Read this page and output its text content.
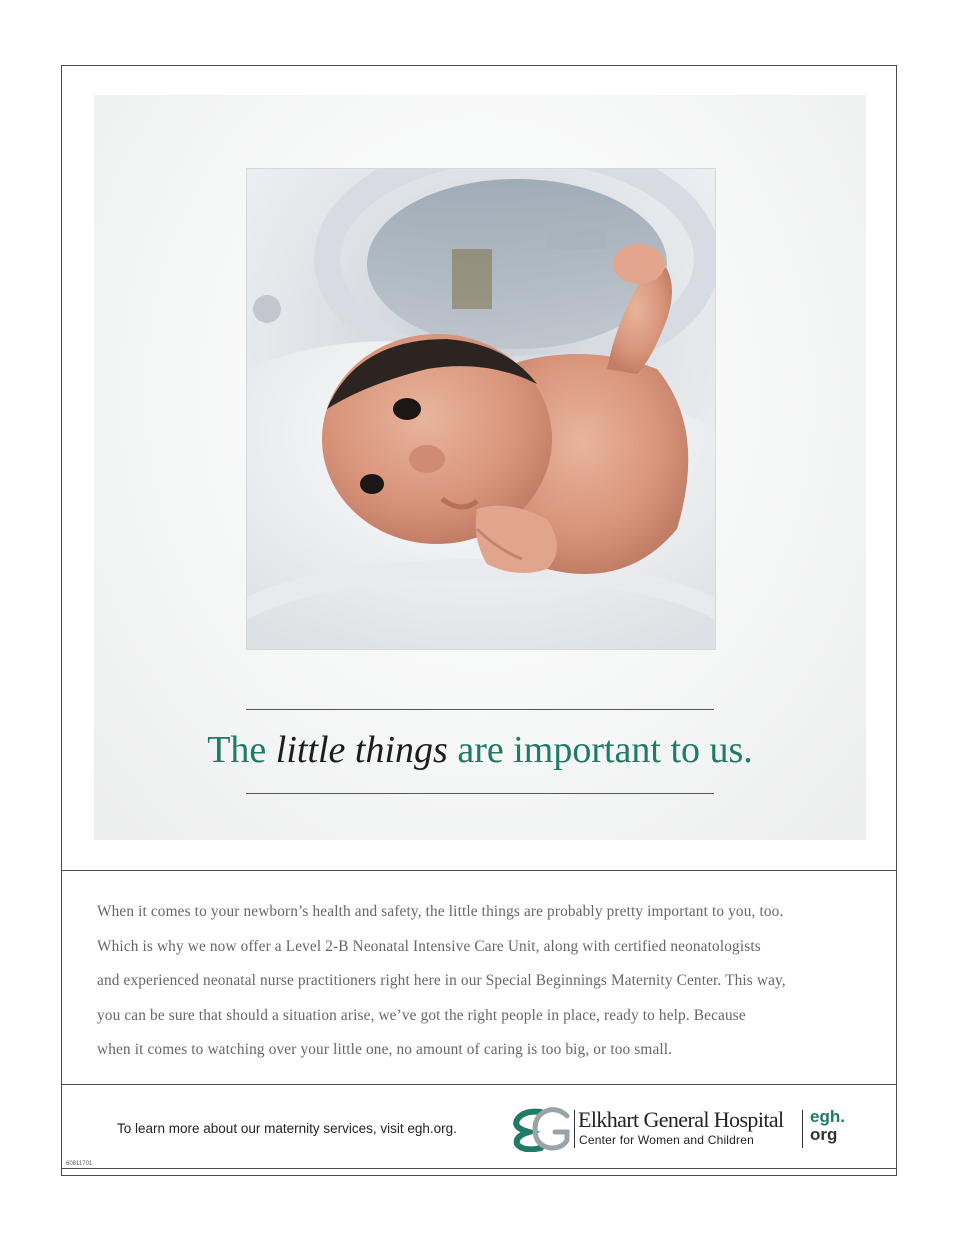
The little things are important to us.
When it comes to your newborn’s health and safety, the little things are probably pretty important to you, too.
Which is why we now offer a Level 2-B Neonatal Intensive Care Unit, along with certified neonatologists
and experienced neonatal nurse practitioners right here in our Special Beginnings Maternity Center. This way,
you can be sure that should a situation arise, we’ve got the right people in place, ready to help. Because
when it comes to watching over your little one, no amount of caring is too big, or too small.
To learn more about our maternity services, visit egh.org.	Elkhart General Hospital
Center for Women and Children
egh.
org
60811701
